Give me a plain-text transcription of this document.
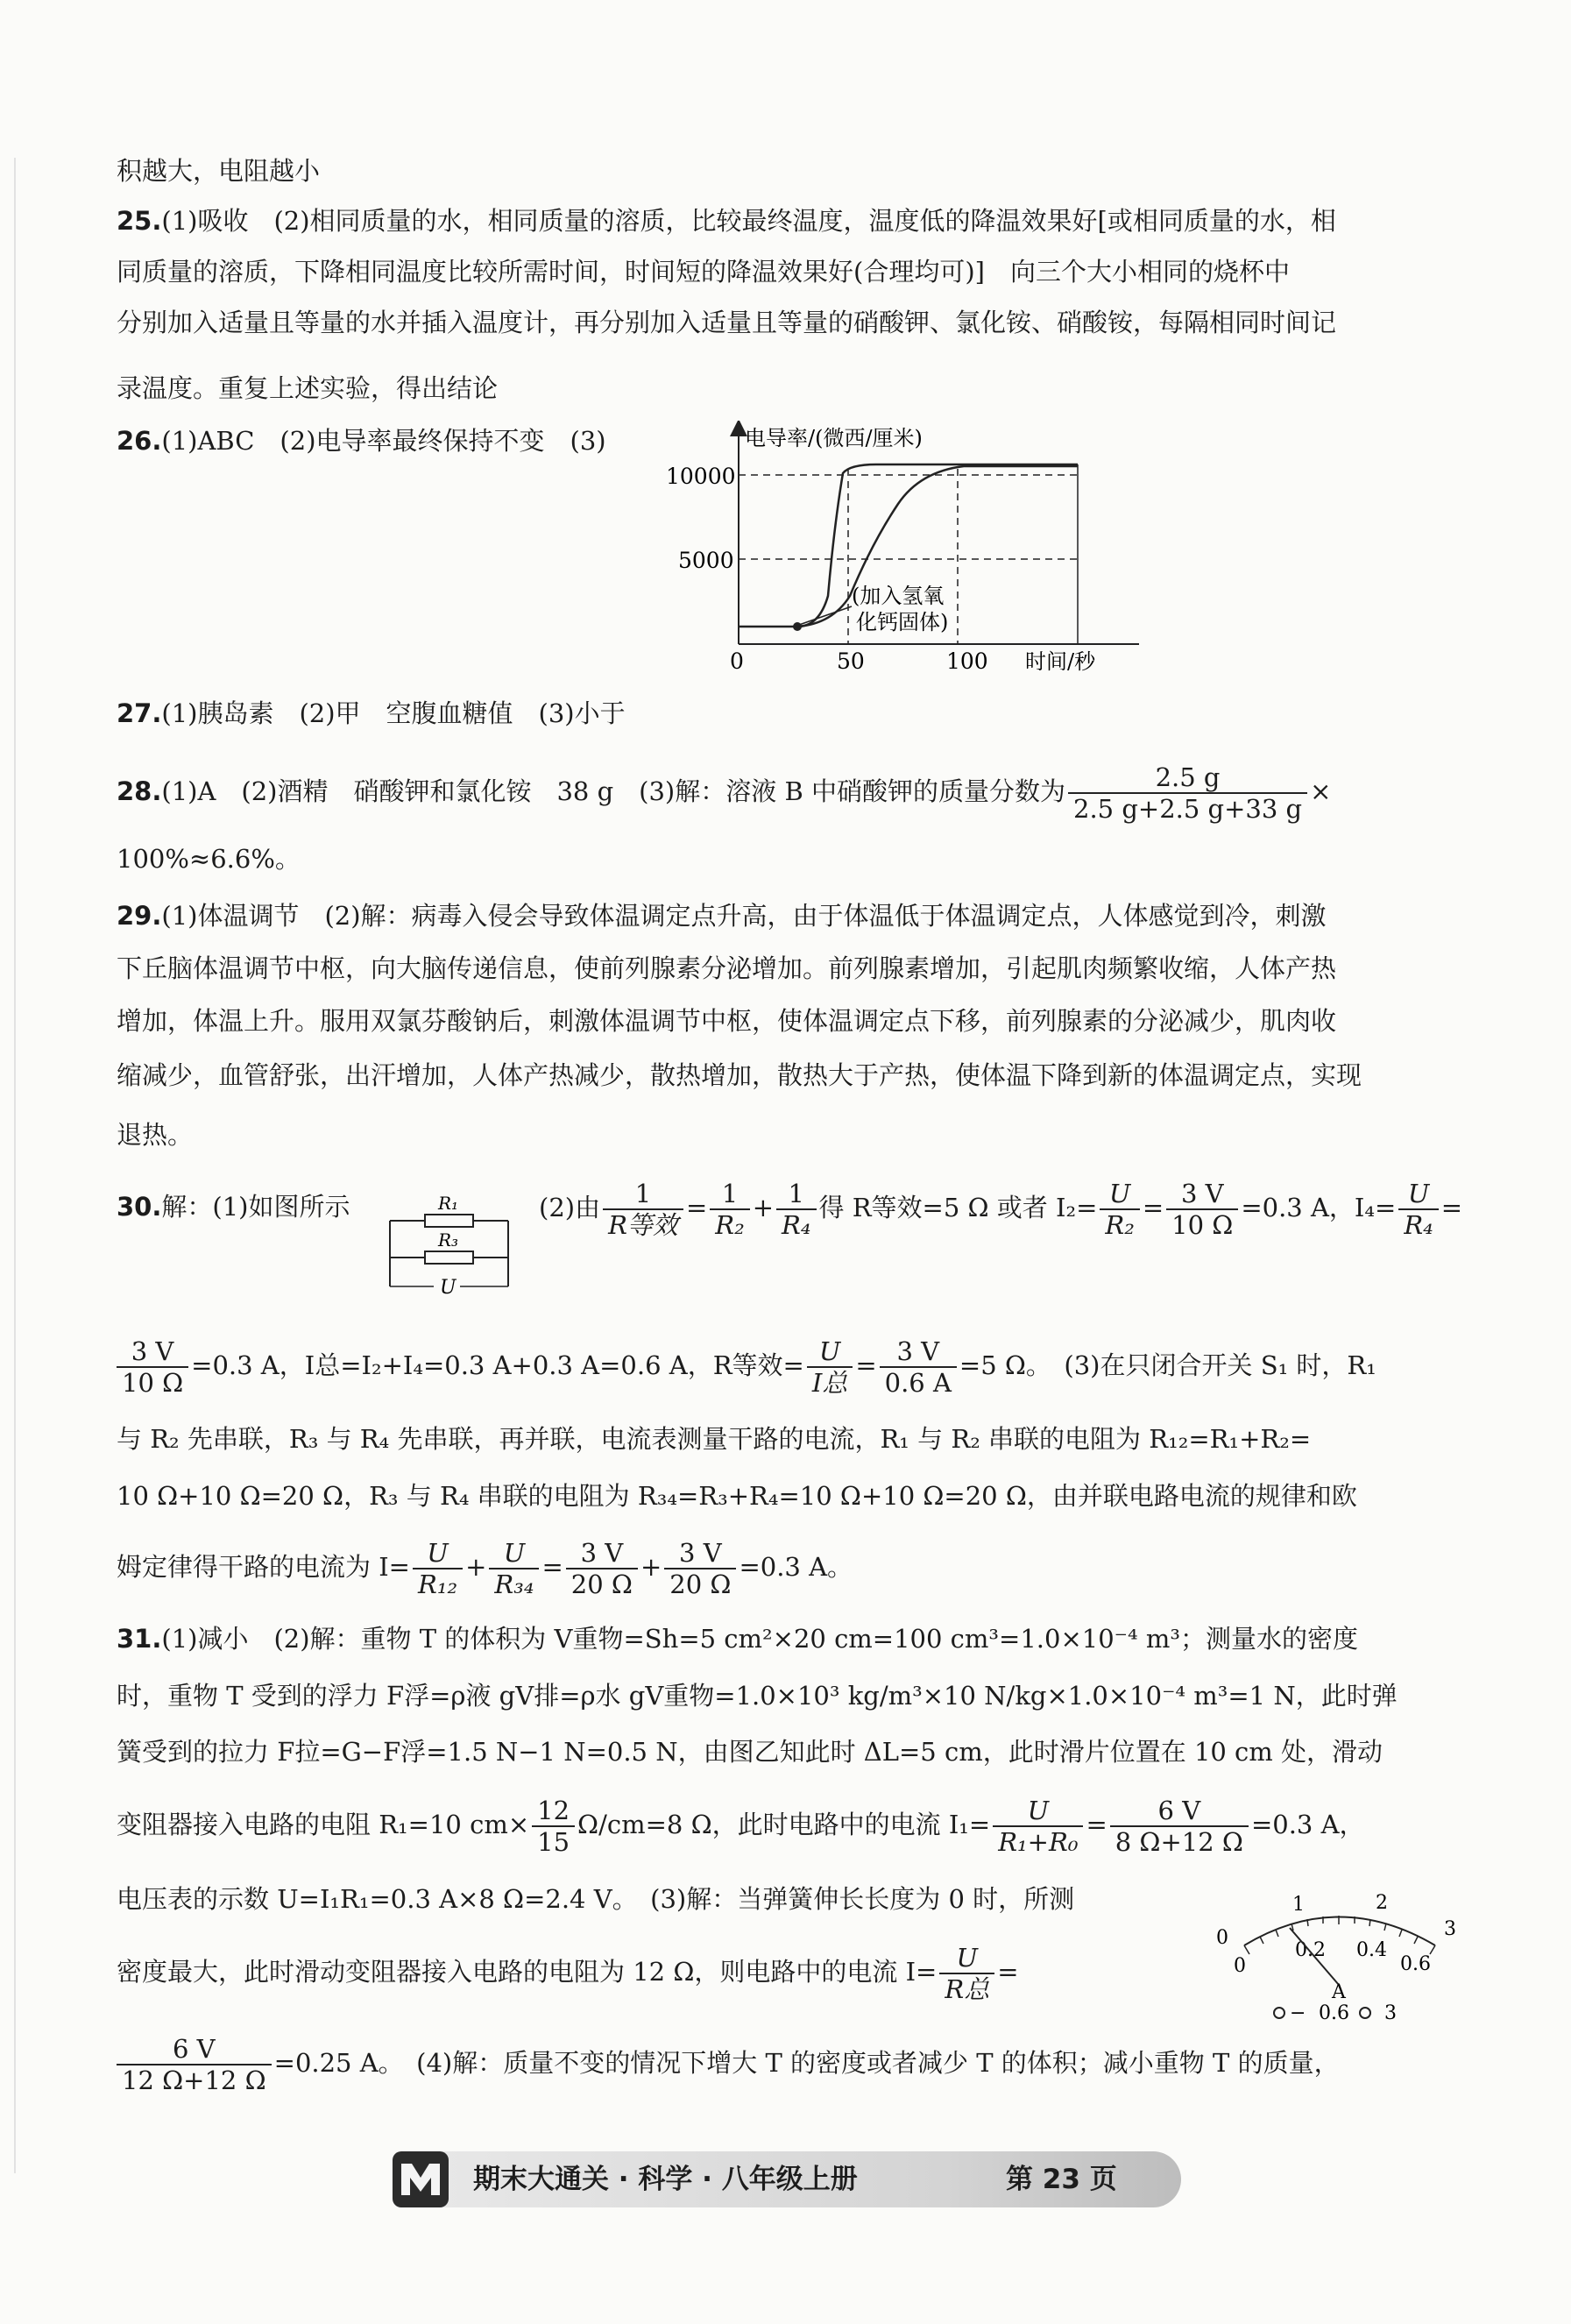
积越大，电阻越小
25.(1)吸收　(2)相同质量的水，相同质量的溶质，比较最终温度，温度低的降温效果好[或相同质量的水，相
同质量的溶质，下降相同温度比较所需时间，时间短的降温效果好(合理均可)]　向三个大小相同的烧杯中
分别加入适量且等量的水并插入温度计，再分别加入适量且等量的硝酸钾、氯化铵、硝酸铵，每隔相同时间记
录温度。重复上述实验，得出结论
26.(1)ABC　(2)电导率最终保持不变　(3)	电导率/(微西/厘米)
10000
5000
0	50	100 时间/秒
(加入氢氧
化钙固体)
27.(1)胰岛素　(2)甲　空腹血糖值　(3)小于
28.(1)A　(2)酒精　硝酸钾和氯化铵　38 g　(3)解：溶液 B 中硝酸钾的质量分数为 $\frac{2.5 g}{2.5 g+2.5 g+33 g}$ ×
100%≈6.6%。
29.(1)体温调节　(2)解：病毒入侵会导致体温调定点升高，由于体温低于体温调定点，人体感觉到冷，刺激
下丘脑体温调节中枢，向大脑传递信息，使前列腺素分泌增加。前列腺素增加，引起肌肉频繁收缩，人体产热
增加，体温上升。服用双氯芬酸钠后，刺激体温调节中枢，使体温调定点下移，前列腺素的分泌减少，肌肉收
缩减少，血管舒张，出汗增加，人体产热减少，散热增加，散热大于产热，使体温下降到新的体温调定点，实现
退热。
30.解：(1)如图所示	R₁
R₃
U
(2)由 $\frac{1}{\text{R等效}} = \frac{1}{\text{R₂}} + \frac{1}{\text{R₄}}$ 得 R等效=5 Ω 或者 $I_2= \frac{U}{\text{R₂}} = \frac{3 V}{10 \Omega} =0.3$ A，$I_4= \frac{U}{\text{R₄}}$ =
$\frac{3 V}{10 \Omega} =0.3$ A，I总=I₂+I₄=0.3 A+0.3 A=0.6 A，R等效= $\frac{U}{\text{I总}} = \frac{3 V}{0.6 A} =5$ Ω。　(3)在只闭合开关 S₁ 时，R₁
与 R₂ 先串联，R₃ 与 R₄ 先串联，再并联，电流表测量干路的电流，R₁ 与 R₂ 串联的电阻为 R₁₂=R₁+R₂=
10 Ω+10 Ω=20 Ω，R₃ 与 R₄ 串联的电阻为 R₃₄=R₃+R₄=10 Ω+10 Ω=20 Ω，由并联电路电流的规律和欧
姆定律得干路的电流为 $I= \frac{U}{\text{R₁₂}} + \frac{U}{\text{R₃₄}} = \frac{3 V}{20 \Omega} + \frac{3 V}{20 \Omega} =0.3$ A。
31.(1)减小　(2)解：重物 T 的体积为 V重物=Sh=5 cm²×20 cm=100 cm³=1.0×10⁻⁴ m³；测量水的密度
时，重物 T 受到的浮力 F浮=ρ液 gV排=ρ水 gV重物=1.0×10³ kg/m³×10 N/kg×1.0×10⁻⁴ m³=1 N，此时弹
簧受到的拉力 F拉=G−F浮=1.5 N−1 N=0.5 N，由图乙知此时 ΔL=5 cm，此时滑片位置在 10 cm 处，滑动
变阻器接入电路的电阻 R₁=10 $cm\times \frac{12}{15} \Omega/cm=8$ Ω，此时电路中的电流 $I_1= \frac{U}{\text{R₁+R₀}} = \frac{6 V}{8 \Omega+12 \Omega} =0.3$ A，
电压表的示数 U=I₁R₁=0.3 A×8 Ω=2.4 V。　(3)解：当弹簧伸长长度为 0 时，所测
密度最大，此时滑动变阻器接入电路的电阻为 12 Ω，则电路中的电流 $I= \frac{U}{\text{R总}}$ =
$\frac{6 V}{12 \Omega+12 \Omega} =0.25$ A。　(4)解：质量不变的情况下增大 T 的密度或者减少 T 的体积；减小重物 T 的质量，
1	2
3
0
0
0.2 0.4
0.6
A
− 0.6 3
期末大通关 · 科学 · 八年级上册	第 23 页
